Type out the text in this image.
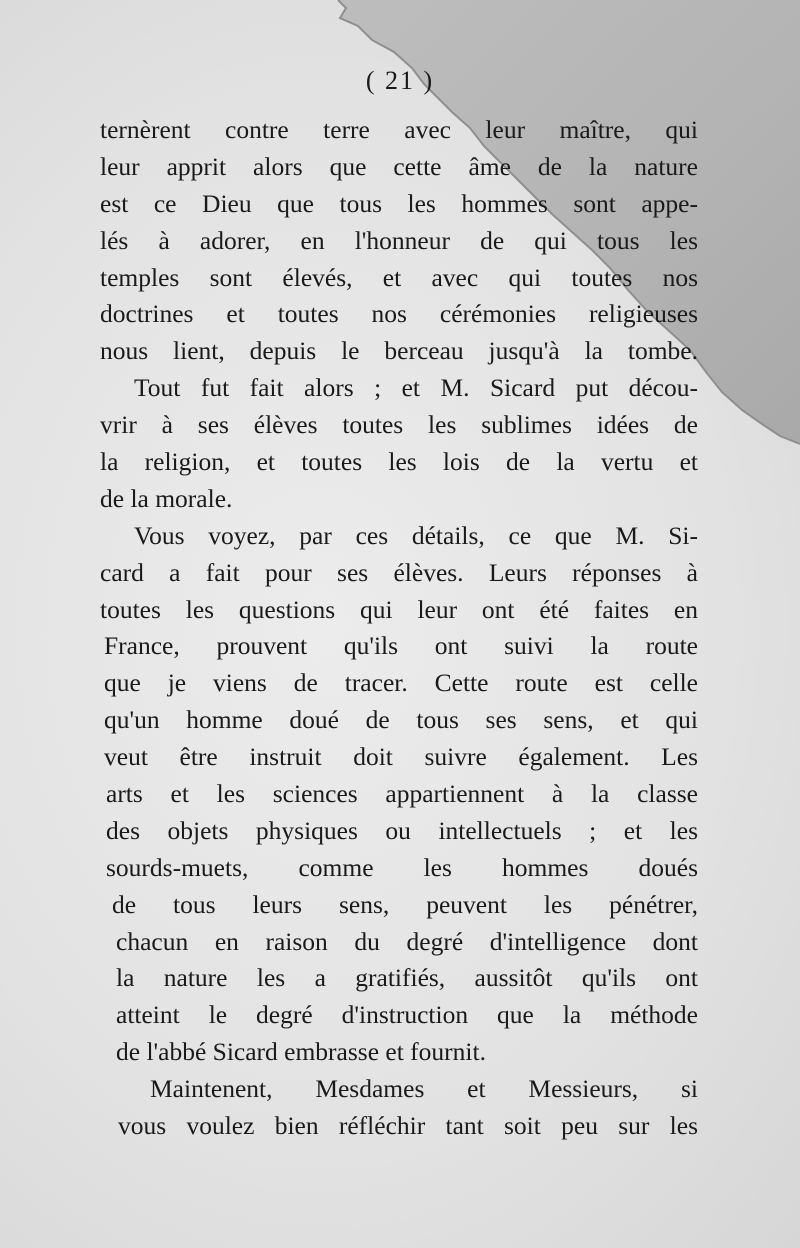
( 21 )
ternèrent contre terre avec leur maître, qui
leur apprit alors que cette âme de la nature
est ce Dieu que tous les hommes sont appe-
lés à adorer, en l'honneur de qui tous les
temples sont élevés, et avec qui toutes nos
doctrines et toutes nos cérémonies religieuses
nous lient, depuis le berceau jusqu'à la tombe.
Tout fut fait alors ; et M. Sicard put décou-
vrir à ses élèves toutes les sublimes idées de
la religion, et toutes les lois de la vertu et
de la morale.
Vous voyez, par ces détails, ce que M. Si-
card a fait pour ses élèves. Leurs réponses à
toutes les questions qui leur ont été faites en
France, prouvent qu'ils ont suivi la route
que je viens de tracer. Cette route est celle
qu'un homme doué de tous ses sens, et qui
veut être instruit doit suivre également. Les
arts et les sciences appartiennent à la classe
des objets physiques ou intellectuels ; et les
sourds-muets, comme les hommes doués
de tous leurs sens, peuvent les pénétrer,
chacun en raison du degré d'intelligence dont
la nature les a gratifiés, aussitôt qu'ils ont
atteint le degré d'instruction que la méthode
de l'abbé Sicard embrasse et fournit.
Maintenent, Mesdames et Messieurs, si
vous voulez bien réfléchir tant soit peu sur les
